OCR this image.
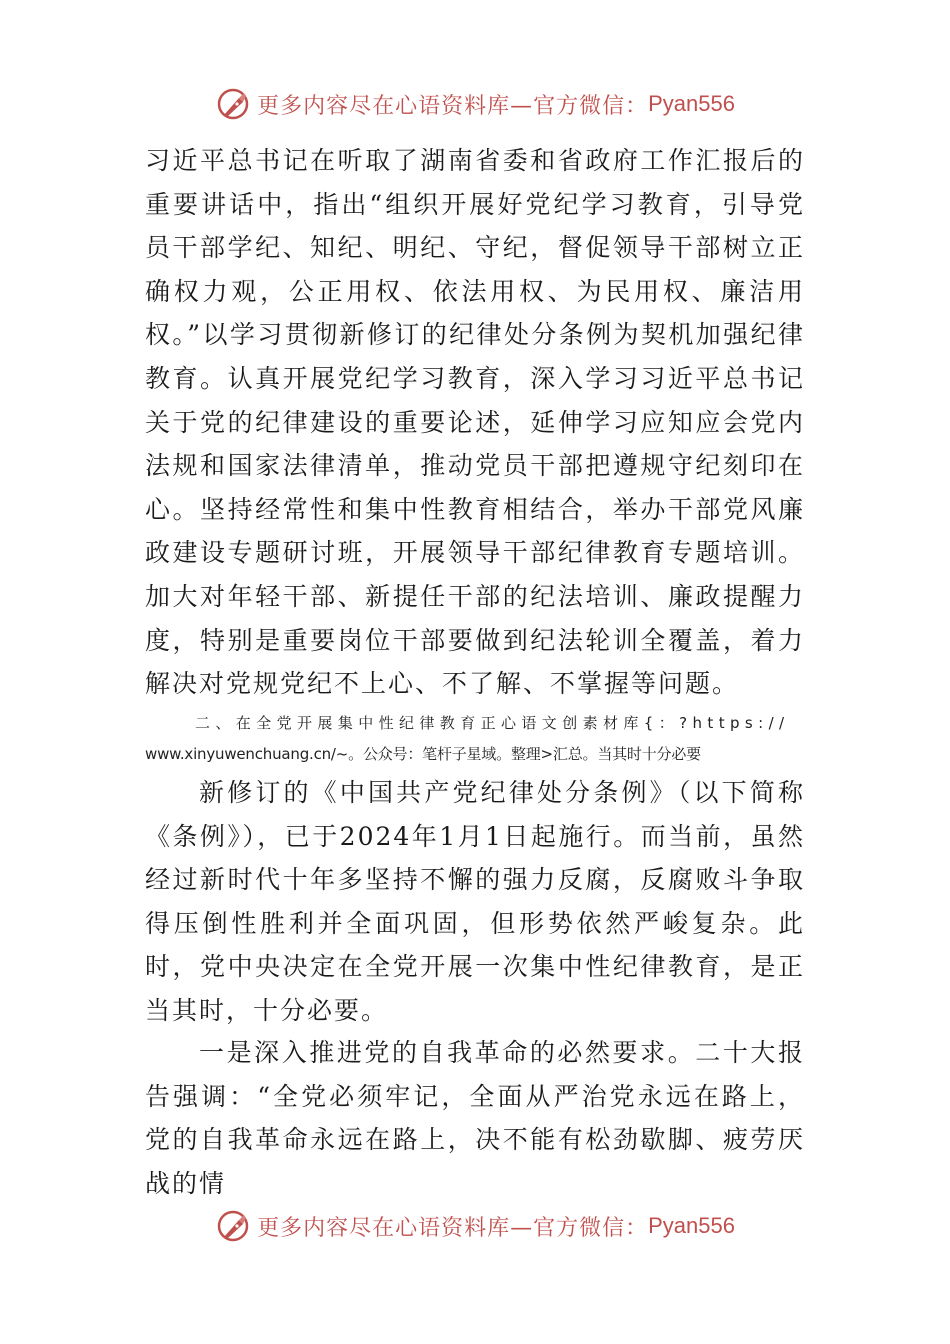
更多内容尽在心语资料库—官方微信： Pyan556
习近平总书记在听取了湖南省委和省政府工作汇报后的重要讲话中，指出“组织开展好党纪学习教育，引导党员干部学纪、知纪、明纪、守纪，督促领导干部树立正确权力观，公正用权、依法用权、为民用权、廉洁用权。”以学习贯彻新修订的纪律处分条例为契机加强纪律教育。认真开展党纪学习教育，深入学习习近平总书记关于党的纪律建设的重要论述，延伸学习应知应会党内法规和国家法律清单，推动党员干部把遵规守纪刻印在心。坚持经常性和集中性教育相结合，举办干部党风廉政建设专题研讨班，开展领导干部纪律教育专题培训。加大对年轻干部、新提任干部的纪法培训、廉政提醒力度，特别是重要岗位干部要做到纪法轮训全覆盖，着力解决对党规党纪不上心、不了解、不掌握等问题。
二、在全党开展集中性纪律教育正心语文创素材库{：?https://
www.xinyuwenchuang.cn/~。公众号：笔杆子星域。整理>汇总。当其时十分必要
新修订的《中国共产党纪律处分条例》（以下简称《条例》），已于2024年1月1日起施行。而当前，虽然经过新时代十年多坚持不懈的强力反腐，反腐败斗争取得压倒性胜利并全面巩固，但形势依然严峻复杂。此时，党中央决定在全党开展一次集中性纪律教育，是正当其时，十分必要。
一是深入推进党的自我革命的必然要求。二十大报告强调：“全党必须牢记，全面从严治党永远在路上，党的自我革命永远在路上，决不能有松劲歇脚、疲劳厌战的情
更多内容尽在心语资料库—官方微信： Pyan556
